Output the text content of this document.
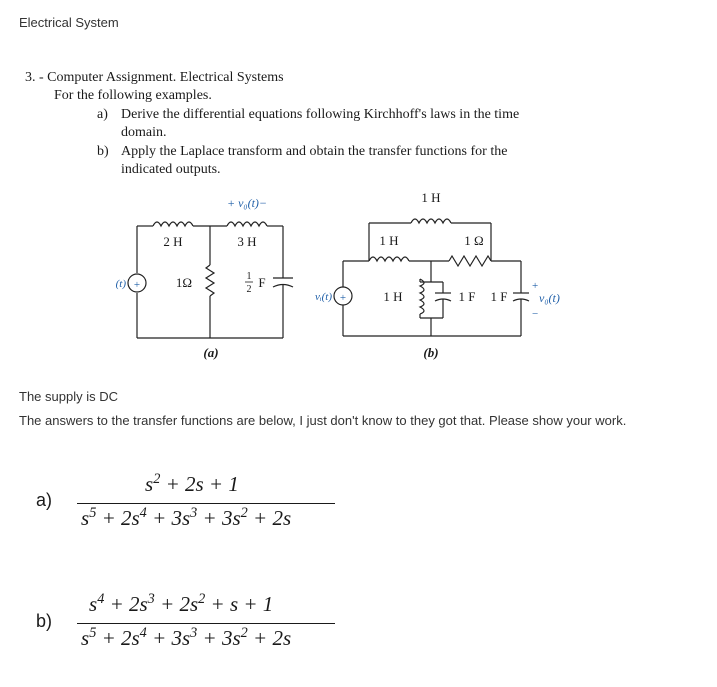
Electrical System
3. - Computer Assignment. Electrical Systems
For the following examples.
a) Derive the differential equations following Kirchhoff's laws in the time
domain.
b) Apply the Laplace transform and obtain the transfer functions for the
indicated outputs.
+
(t)
2 H	3 H
+ v₀(t)−
1Ω	1
2 F
(a)
+
vᵢ(t)
1 H
1 H	1 Ω
1 H	1 F 1 F
+
v₀(t)
−
(b)
The supply is DC
The answers to the transfer functions are below, I just don't know to they got that. Please show your work.
a)
$s^2 + 2s + 1$
$s^5 + 2s^4 + 3s^3 + 3s^2 + 2s$
b)
$s^4 + 2s^3 + 2s^2 + s + 1$
$s^5 + 2s^4 + 3s^3 + 3s^2 + 2s$
